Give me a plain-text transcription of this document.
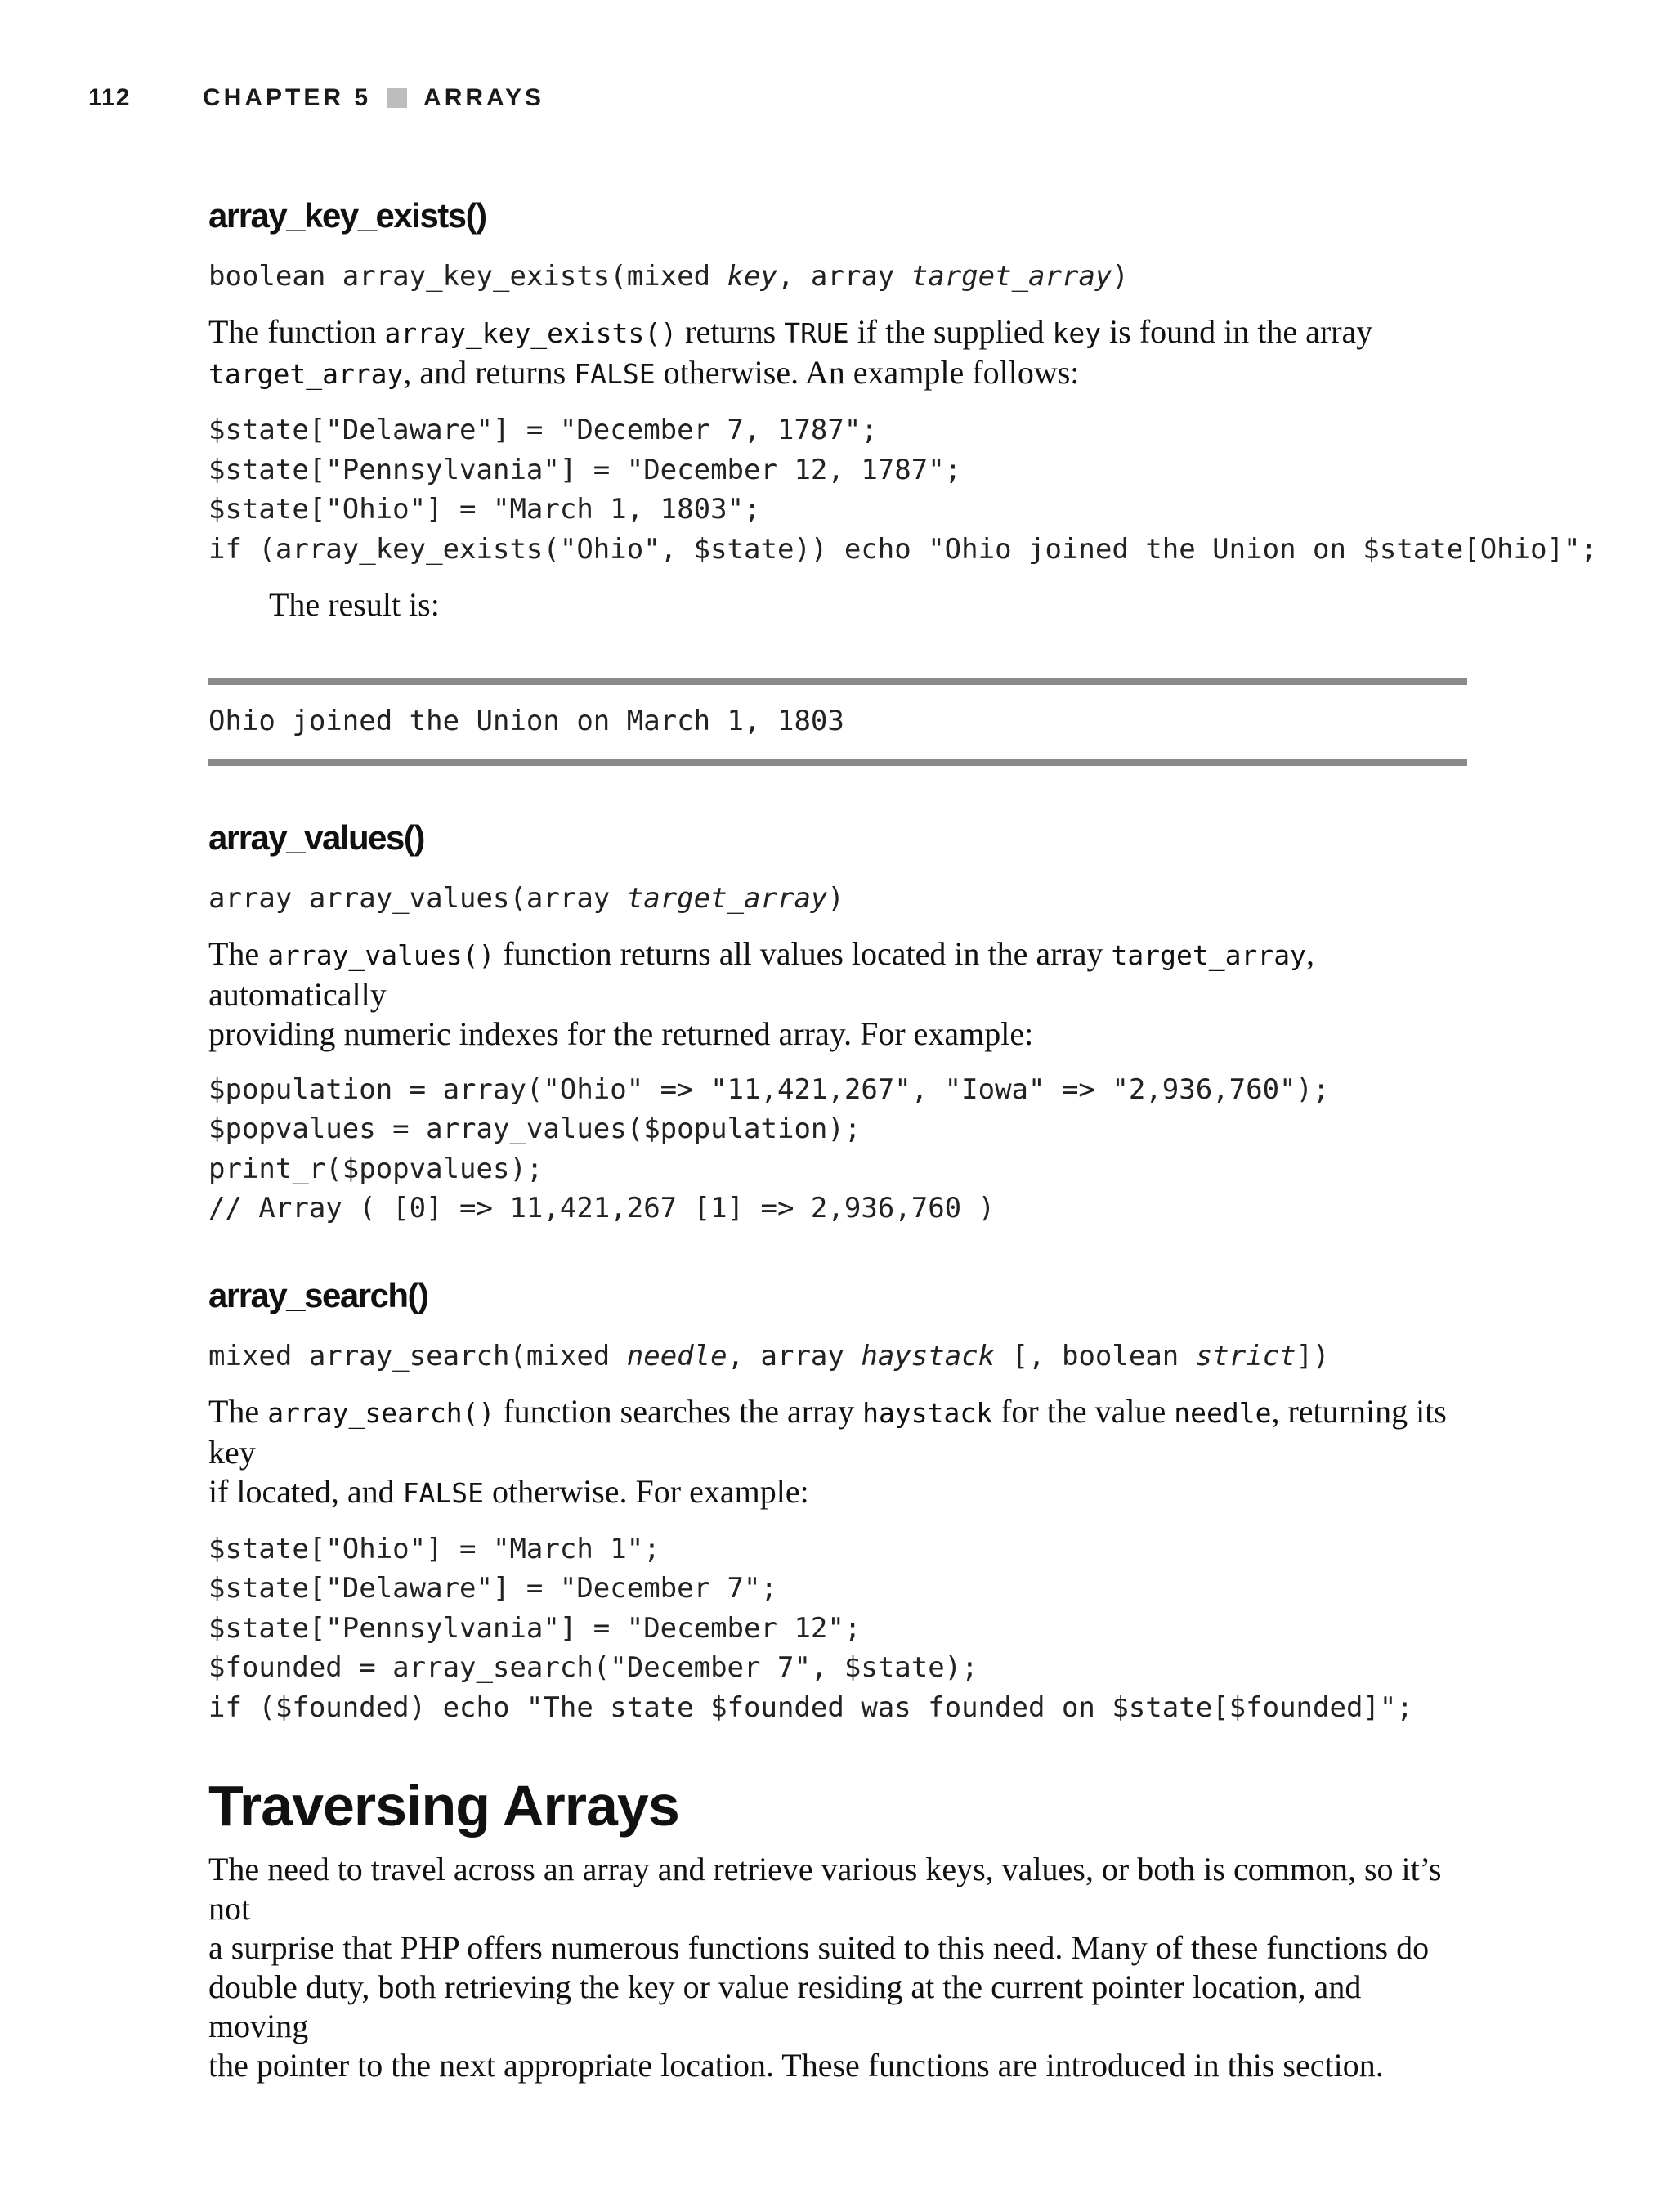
112	CHAPTER 5 ARRAYS
array_key_exists()
boolean array_key_exists(mixed key, array target_array)

The function array_key_exists() returns TRUE if the supplied key is found in the array
target_array, and returns FALSE otherwise. An example follows:

$state["Delaware"] = "December 7, 1787";
$state["Pennsylvania"] = "December 12, 1787";
$state["Ohio"] = "March 1, 1803";
if (array_key_exists("Ohio", $state)) echo "Ohio joined the Union on $state[Ohio]";

The result is:

Ohio joined the Union on March 1, 1803
array_values()
array array_values(array target_array)

The array_values() function returns all values located in the array target_array, automatically
providing numeric indexes for the returned array. For example:

$population = array("Ohio" => "11,421,267", "Iowa" => "2,936,760");
$popvalues = array_values($population);
print_r($popvalues);
// Array ( [0] => 11,421,267 [1] => 2,936,760 )
array_search()
mixed array_search(mixed needle, array haystack [, boolean strict])

The array_search() function searches the array haystack for the value needle, returning its key
if located, and FALSE otherwise. For example:

$state["Ohio"] = "March 1";
$state["Delaware"] = "December 7";
$state["Pennsylvania"] = "December 12";
$founded = array_search("December 7", $state);
if ($founded) echo "The state $founded was founded on $state[$founded]";
Traversing Arrays

The need to travel across an array and retrieve various keys, values, or both is common, so it’s not
a surprise that PHP offers numerous functions suited to this need. Many of these functions do
double duty, both retrieving the key or value residing at the current pointer location, and moving
the pointer to the next appropriate location. These functions are introduced in this section.
